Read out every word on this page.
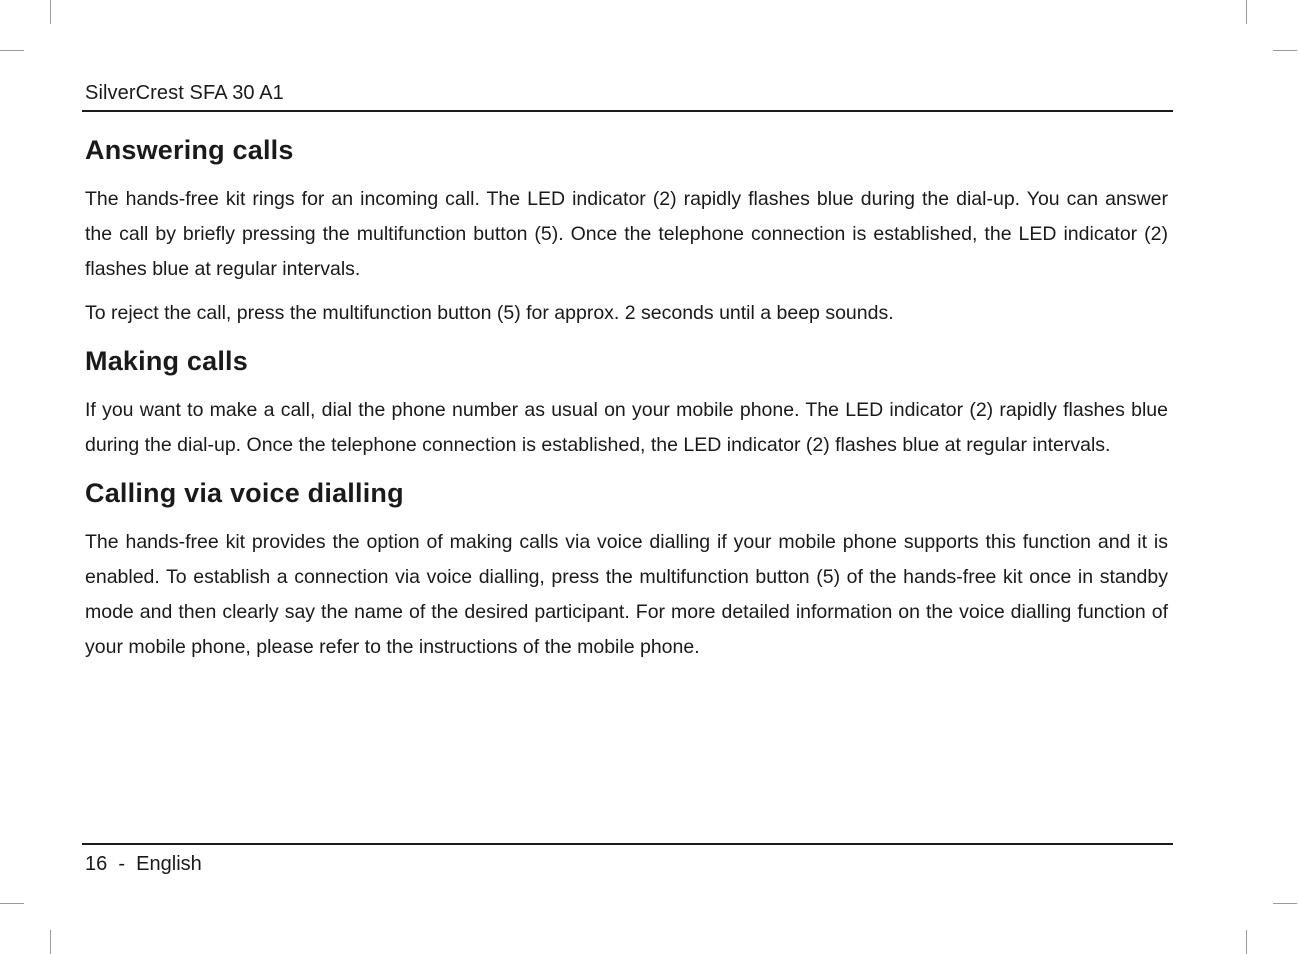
SilverCrest SFA 30 A1
Answering calls

The hands-free kit rings for an incoming call. The LED indicator (2) rapidly flashes blue during the dial-up. You can answer the call by briefly pressing the multifunction button (5). Once the telephone connection is established, the LED indicator (2) flashes blue at regular intervals.

To reject the call, press the multifunction button (5) for approx. 2 seconds until a beep sounds.

Making calls

If you want to make a call, dial the phone number as usual on your mobile phone. The LED indicator (2) rapidly flashes blue during the dial-up. Once the telephone connection is established, the LED indicator (2) flashes blue at regular intervals.

Calling via voice dialling

The hands-free kit provides the option of making calls via voice dialling if your mobile phone supports this function and it is enabled. To establish a connection via voice dialling, press the multifunction button (5) of the hands-free kit once in standby mode and then clearly say the name of the desired participant. For more detailed information on the voice dialling function of your mobile phone, please refer to the instructions of the mobile phone.

16 - English
